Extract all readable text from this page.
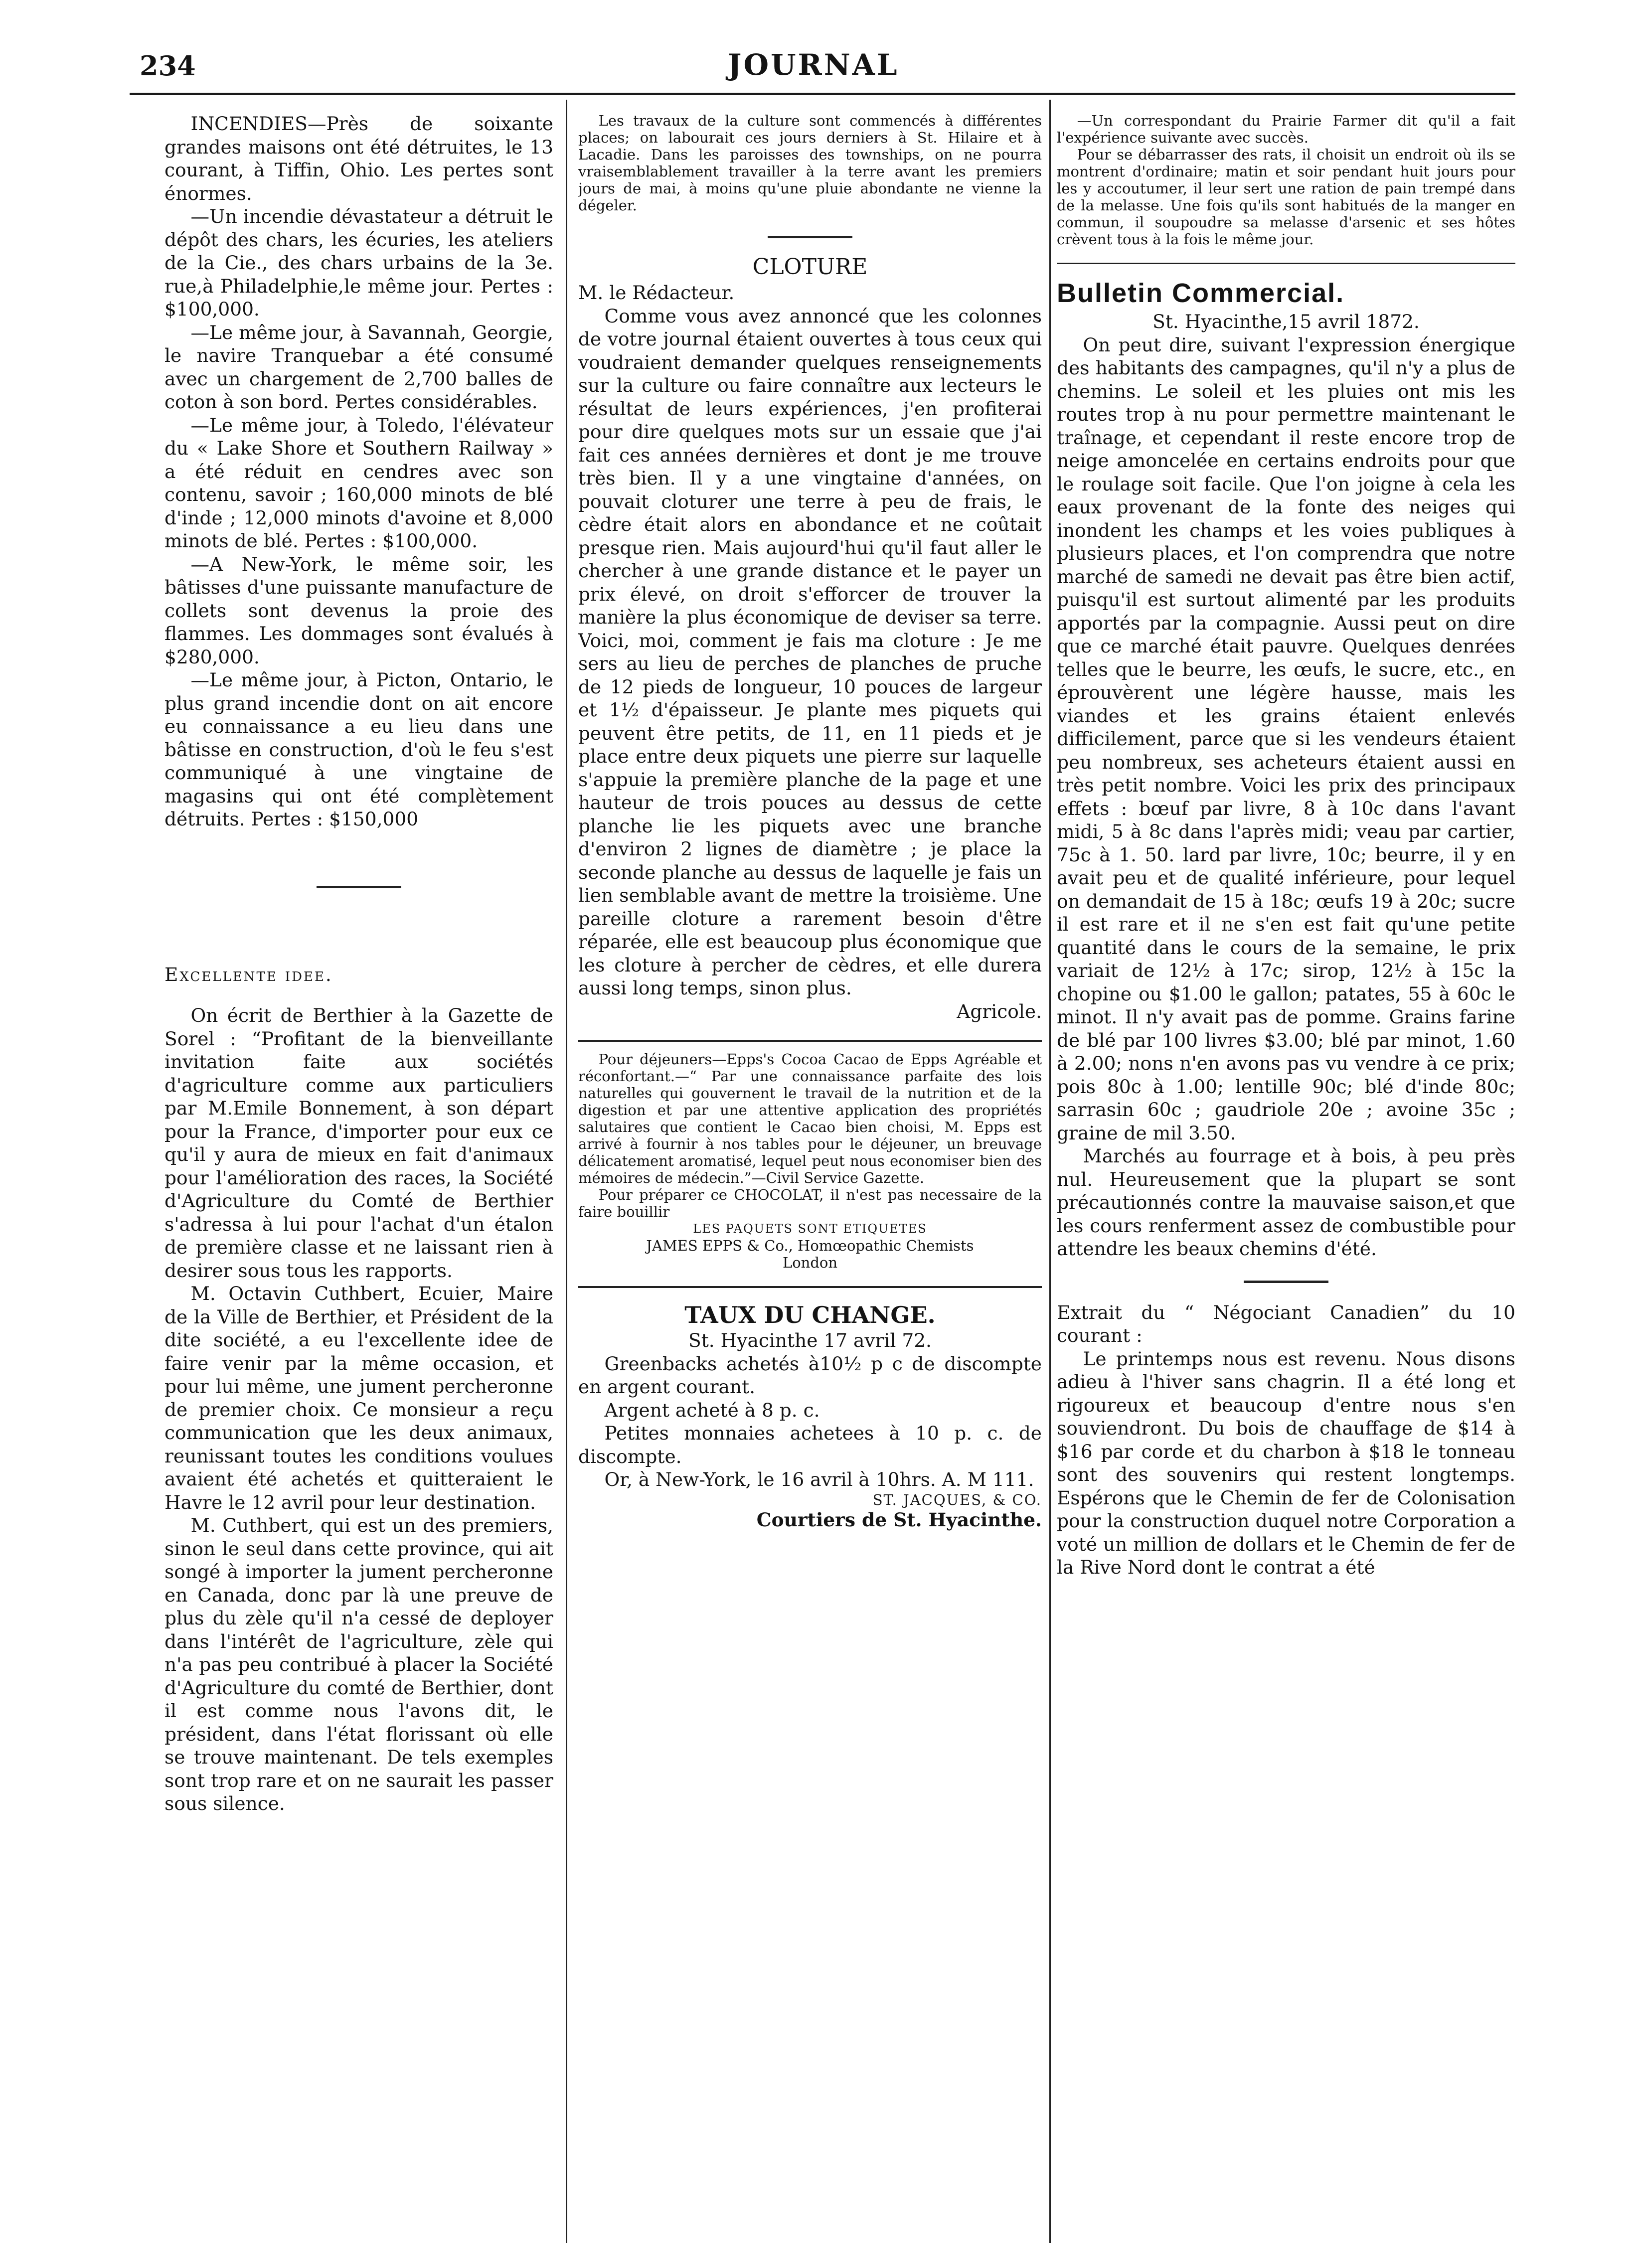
234	JOURNAL

INCENDIES—Près de soixante grandes maisons ont été détruites, le 13 courant, à Tiffin, Ohio. Les pertes sont énormes.

—Un incendie dévastateur a détruit le dépôt des chars, les écuries, les ateliers de la Cie., des chars urbains de la 3e. rue,à Philadelphie,le même jour. Pertes : $100,000.

—Le même jour, à Savannah, Georgie, le navire Tranquebar a été consumé avec un chargement de 2,700 balles de coton à son bord. Pertes considérables.

—Le même jour, à Toledo, l'élévateur du « Lake Shore et Southern Railway » a été réduit en cendres avec son contenu, savoir ; 160,000 minots de blé d'inde ; 12,000 minots d'avoine et 8,000 minots de blé. Pertes : $100,000.

—A New-York, le même soir, les bâtisses d'une puissante manufacture de collets sont devenus la proie des flammes. Les dommages sont évalués à $280,000.

—Le même jour, à Picton, Ontario, le plus grand incendie dont on ait encore eu connaissance a eu lieu dans une bâtisse en construction, d'où le feu s'est communiqué à une vingtaine de magasins qui ont été complètement détruits. Pertes : $150,000

Excellente idee.

On écrit de Berthier à la Gazette de Sorel : “Profitant de la bienveillante invitation faite aux sociétés d'agriculture comme aux particuliers par M.Emile Bonnement, à son départ pour la France, d'importer pour eux ce qu'il y aura de mieux en fait d'animaux pour l'amélioration des races, la Société d'Agriculture du Comté de Berthier s'adressa à lui pour l'achat d'un étalon de première classe et ne laissant rien à desirer sous tous les rapports.

M. Octavin Cuthbert, Ecuier, Maire de la Ville de Berthier, et Président de la dite société, a eu l'excellente idee de faire venir par la même occasion, et pour lui même, une jument percheronne de premier choix. Ce monsieur a reçu communication que les deux animaux, reunissant toutes les conditions voulues avaient été achetés et quitteraient le Havre le 12 avril pour leur destination.

M. Cuthbert, qui est un des premiers, sinon le seul dans cette province, qui ait songé à importer la jument percheronne en Canada, donc par là une preuve de plus du zèle qu'il n'a cessé de deployer dans l'intérêt de l'agriculture, zèle qui n'a pas peu contribué à placer la Société d'Agriculture du comté de Berthier, dont il est comme nous l'avons dit, le président, dans l'état florissant où elle se trouve maintenant. De tels exemples sont trop rare et on ne saurait les passer sous silence.

Les travaux de la culture sont commencés à différentes places; on labourait ces jours derniers à St. Hilaire et à Lacadie. Dans les paroisses des townships, on ne pourra vraisemblablement travailler à la terre avant les premiers jours de mai, à moins qu'une pluie abondante ne vienne la dégeler.

CLOTURE

M. le Rédacteur.

Comme vous avez annoncé que les colonnes de votre journal étaient ouvertes à tous ceux qui voudraient demander quelques renseignements sur la culture ou faire connaître aux lecteurs le résultat de leurs expériences, j'en profiterai pour dire quelques mots sur un essaie que j'ai fait ces années dernières et dont je me trouve très bien. Il y a une vingtaine d'années, on pouvait cloturer une terre à peu de frais, le cèdre était alors en abondance et ne coûtait presque rien. Mais aujourd'hui qu'il faut aller le chercher à une grande distance et le payer un prix élevé, on droit s'efforcer de trouver la manière la plus économique de deviser sa terre. Voici, moi, comment je fais ma cloture : Je me sers au lieu de perches de planches de pruche de 12 pieds de longueur, 10 pouces de largeur et 1½ d'épaisseur. Je plante mes piquets qui peuvent être petits, de 11, en 11 pieds et je place entre deux piquets une pierre sur laquelle s'appuie la première planche de la page et une hauteur de trois pouces au dessus de cette planche lie les piquets avec une branche d'environ 2 lignes de diamètre ; je place la seconde planche au dessus de laquelle je fais un lien semblable avant de mettre la troisième. Une pareille cloture a rarement besoin d'être réparée, elle est beaucoup plus économique que les cloture à percher de cèdres, et elle durera aussi long temps, sinon plus.

Agricole.

Pour déjeuners—Epps's Cocoa Cacao de Epps Agréable et réconfortant.—“ Par une connaissance parfaite des lois naturelles qui gouvernent le travail de la nutrition et de la digestion et par une attentive application des propriétés salutaires que contient le Cacao bien choisi, M. Epps est arrivé à fournir à nos tables pour le déjeuner, un breuvage délicatement aromatisé, lequel peut nous economiser bien des mémoires de médecin.”—Civil Service Gazette.

Pour préparer ce CHOCOLAT, il n'est pas necessaire de la faire bouillir

LES PAQUETS SONT ETIQUETES

JAMES EPPS & Co., Homœopathic Chemists

London

TAUX DU CHANGE.

St. Hyacinthe 17 avril 72.

Greenbacks achetés à10½ p c de discompte en argent courant.

Argent acheté à 8 p. c.

Petites monnaies achetees à 10 p. c. de discompte.

Or, à New-York, le 16 avril à 10hrs. A. M 111.

ST. JACQUES, & CO.

Courtiers de St. Hyacinthe.

—Un correspondant du Prairie Farmer dit qu'il a fait l'expérience suivante avec succès.

Pour se débarrasser des rats, il choisit un endroit où ils se montrent d'ordinaire; matin et soir pendant huit jours pour les y accoutumer, il leur sert une ration de pain trempé dans de la melasse. Une fois qu'ils sont habitués de la manger en commun, il soupoudre sa melasse d'arsenic et ses hôtes crèvent tous à la fois le même jour.

Bulletin Commercial.

St. Hyacinthe,15 avril 1872.

On peut dire, suivant l'expression énergique des habitants des campagnes, qu'il n'y a plus de chemins. Le soleil et les pluies ont mis les routes trop à nu pour permettre maintenant le traînage, et cependant il reste encore trop de neige amoncelée en certains endroits pour que le roulage soit facile. Que l'on joigne à cela les eaux provenant de la fonte des neiges qui inondent les champs et les voies publiques à plusieurs places, et l'on comprendra que notre marché de samedi ne devait pas être bien actif, puisqu'il est surtout alimenté par les produits apportés par la compagnie. Aussi peut on dire que ce marché était pauvre. Quelques denrées telles que le beurre, les œufs, le sucre, etc., en éprouvèrent une légère hausse, mais les viandes et les grains étaient enlevés difficilement, parce que si les vendeurs étaient peu nombreux, ses acheteurs étaient aussi en très petit nombre. Voici les prix des principaux effets : bœuf par livre, 8 à 10c dans l'avant midi, 5 à 8c dans l'après midi; veau par cartier, 75c à 1. 50. lard par livre, 10c; beurre, il y en avait peu et de qualité inférieure, pour lequel on demandait de 15 à 18c; œufs 19 à 20c; sucre il est rare et il ne s'en est fait qu'une petite quantité dans le cours de la semaine, le prix variait de 12½ à 17c; sirop, 12½ à 15c la chopine ou $1.00 le gallon; patates, 55 à 60c le minot. Il n'y avait pas de pomme. Grains farine de blé par 100 livres $3.00; blé par minot, 1.60 à 2.00; nons n'en avons pas vu vendre à ce prix; pois 80c à 1.00; lentille 90c; blé d'inde 80c; sarrasin 60c ; gaudriole 20e ; avoine 35c ; graine de mil 3.50.

Marchés au fourrage et à bois, à peu près nul. Heureusement que la plupart se sont précautionnés contre la mauvaise saison,et que les cours renferment assez de combustible pour attendre les beaux chemins d'été.

Extrait du “ Négociant Canadien” du 10 courant :

Le printemps nous est revenu. Nous disons adieu à l'hiver sans chagrin. Il a été long et rigoureux et beaucoup d'entre nous s'en souviendront. Du bois de chauffage de $14 à $16 par corde et du charbon à $18 le tonneau sont des souvenirs qui restent longtemps. Espérons que le Chemin de fer de Colonisation pour la construction duquel notre Corporation a voté un million de dollars et le Chemin de fer de la Rive Nord dont le contrat a été
